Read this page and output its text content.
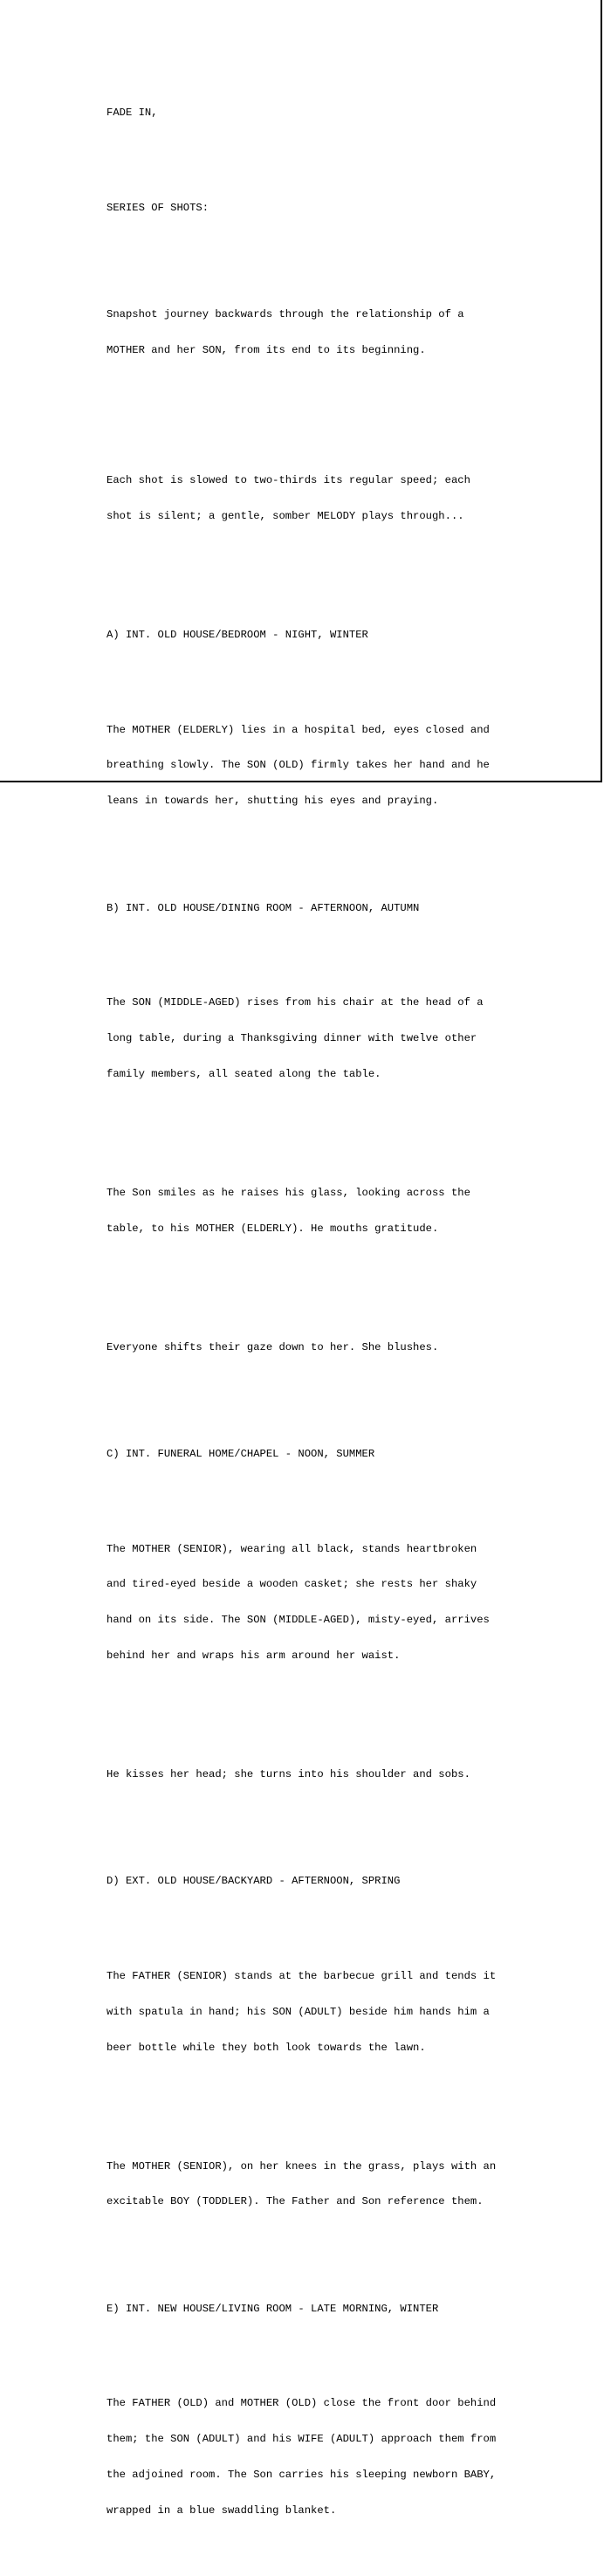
FADE IN,

SERIES OF SHOTS:

Snapshot journey backwards through the relationship of a

MOTHER and her SON, from its end to its beginning.

Each shot is slowed to two-thirds its regular speed; each

shot is silent; a gentle, somber MELODY plays through...

A) INT. OLD HOUSE/BEDROOM - NIGHT, WINTER

The MOTHER (ELDERLY) lies in a hospital bed, eyes closed and

breathing slowly. The SON (OLD) firmly takes her hand and he

leans in towards her, shutting his eyes and praying.

B) INT. OLD HOUSE/DINING ROOM - AFTERNOON, AUTUMN

The SON (MIDDLE-AGED) rises from his chair at the head of a

long table, during a Thanksgiving dinner with twelve other

family members, all seated along the table.

The Son smiles as he raises his glass, looking across the

table, to his MOTHER (ELDERLY). He mouths gratitude.

Everyone shifts their gaze down to her. She blushes.

C) INT. FUNERAL HOME/CHAPEL - NOON, SUMMER

The MOTHER (SENIOR), wearing all black, stands heartbroken

and tired-eyed beside a wooden casket; she rests her shaky

hand on its side. The SON (MIDDLE-AGED), misty-eyed, arrives

behind her and wraps his arm around her waist.

He kisses her head; she turns into his shoulder and sobs.

D) EXT. OLD HOUSE/BACKYARD - AFTERNOON, SPRING

The FATHER (SENIOR) stands at the barbecue grill and tends it

with spatula in hand; his SON (ADULT) beside him hands him a

beer bottle while they both look towards the lawn.

The MOTHER (SENIOR), on her knees in the grass, plays with an

excitable BOY (TODDLER). The Father and Son reference them.

E) INT. NEW HOUSE/LIVING ROOM - LATE MORNING, WINTER

The FATHER (OLD) and MOTHER (OLD) close the front door behind

them; the SON (ADULT) and his WIFE (ADULT) approach them from

the adjoined room. The Son carries his sleeping newborn BABY,

wrapped in a blue swaddling blanket.
